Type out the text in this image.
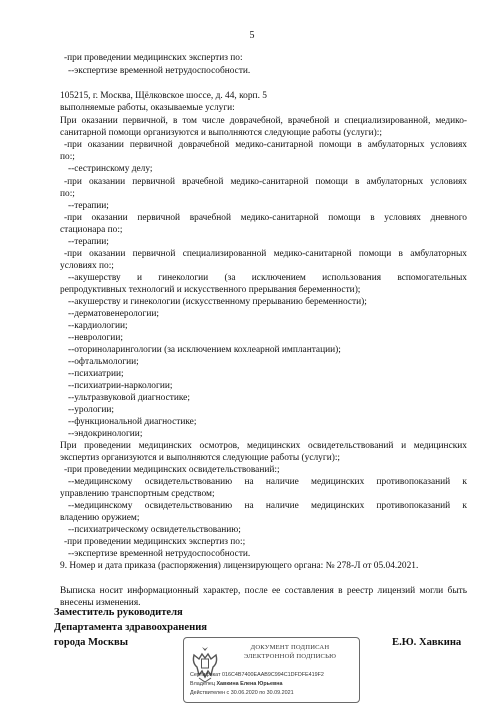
5
-при проведении медицинских экспертиз по:
--экспертизе временной нетрудоспособности.
105215, г. Москва, Щёлковское шоссе, д. 44, корп. 5
выполняемые работы, оказываемые услуги:
При оказании первичной, в том числе доврачебной, врачебной и специализированной, медико-
санитарной помощи организуются и выполняются следующие работы (услуги):;
-при оказании первичной доврачебной медико-санитарной помощи в амбулаторных условиях
по:;
--сестринскому делу;
-при оказании первичной врачебной медико-санитарной помощи в амбулаторных условиях
по:;
--терапии;
-при оказании первичной врачебной медико-санитарной помощи в условиях дневного
стационара по:;
--терапии;
-при оказании первичной специализированной медико-санитарной помощи в амбулаторных
условиях по:;
--акушерству и гинекологии (за исключением использования вспомогательных
репродуктивных технологий и искусственного прерывания беременности);
--акушерству и гинекологии (искусственному прерыванию беременности);
--дерматовенерологии;
--кардиологии;
--неврологии;
--оториноларингологии (за исключением кохлеарной имплантации);
--офтальмологии;
--психиатрии;
--психиатрии-наркологии;
--ультразвуковой диагностике;
--урологии;
--функциональной диагностике;
--эндокринологии;
При проведении медицинских осмотров, медицинских освидетельствований и медицинских
экспертиз организуются и выполняются следующие работы (услуги):;
-при проведении медицинских освидетельствований:;
--медицинскому освидетельствованию на наличие медицинских противопоказаний к
управлению транспортным средством;
--медицинскому освидетельствованию на наличие медицинских противопоказаний к
владению оружием;
--психиатрическому освидетельствованию;
-при проведении медицинских экспертиз по:;
--экспертизе временной нетрудоспособности.
9. Номер и дата приказа (распоряжения) лицензирующего органа: № 278-Л от 05.04.2021.
Выписка носит информационный характер, после ее составления в реестр лицензий могли быть
внесены изменения.
Заместитель руководителя
Департамента здравоохранения
города Москвы	Е.Ю. Хавкина
ДОКУМЕНТ ПОДПИСАН
ЭЛЕКТРОННОЙ ПОДПИСЬЮ
Сертификат 016C4B7400EAAB9C994C1DFDFE419F2
Владелец Хавкина Елена Юрьевна
Действителен с 30.06.2020 по 30.09.2021
